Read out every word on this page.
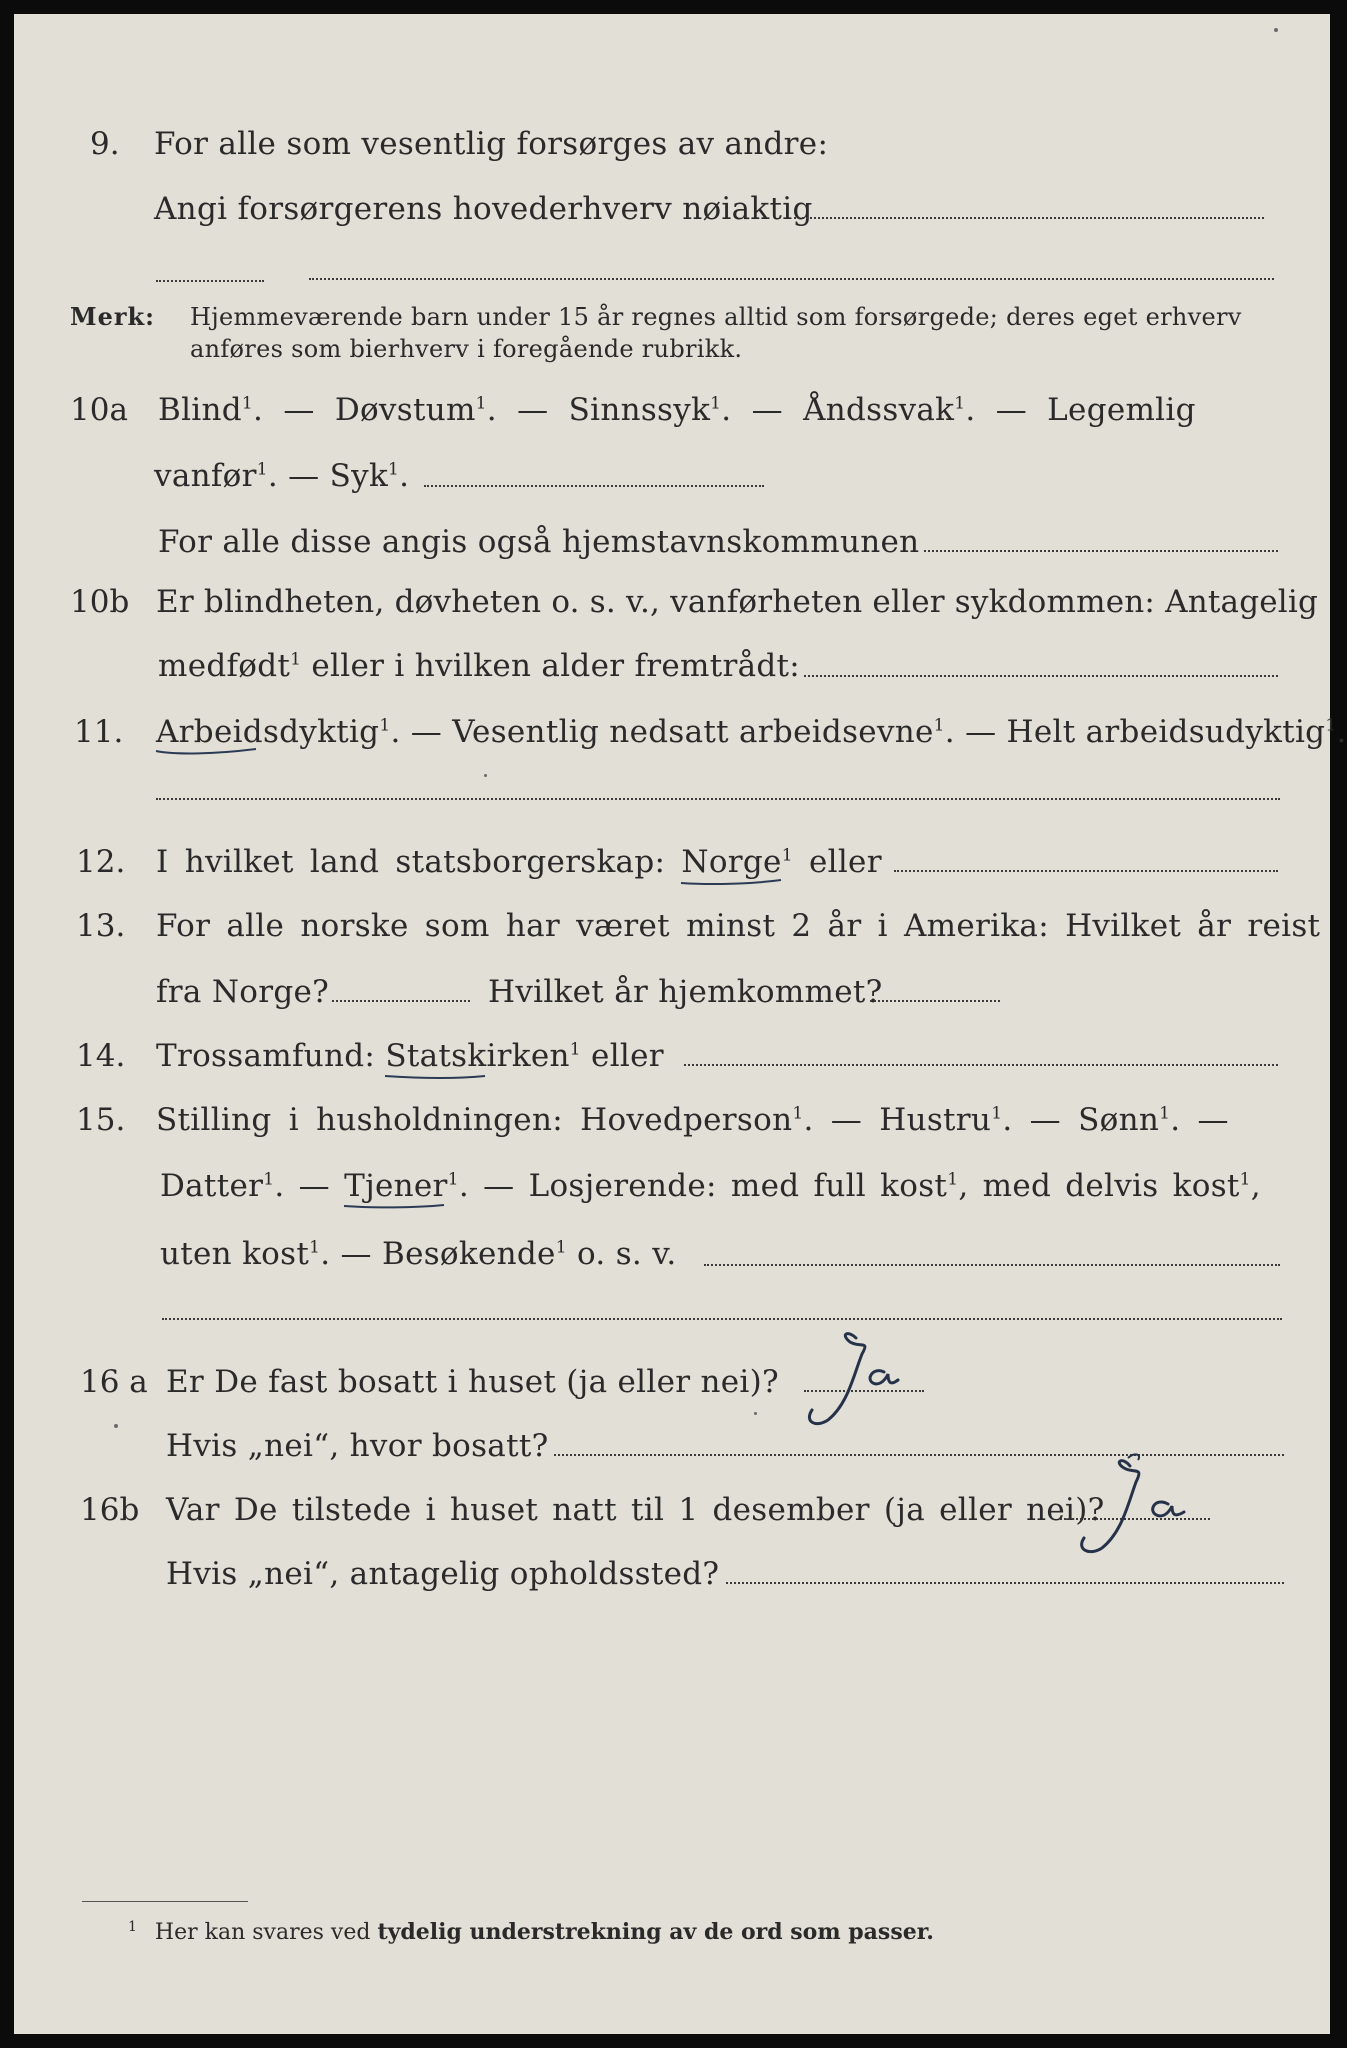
9. For alle som vesentlig forsørges av andre:
Angi forsørgerens hovederhverv nøiaktig
Merk: Hjemmeværende barn under 15 år regnes alltid som forsørgede; deres eget erhverv
anføres som bierhverv i foregående rubrikk.
10a Blind$^1$. — Døvstum$^1$. — Sinnssyk$^1$. — Åndssvak$^1$. — Legemlig
vanfør$^1$. — Syk$^1$.
For alle disse angis også hjemstavnskommunen
10b Er blindheten, døvheten o. s. v., vanførheten eller sykdommen: Antagelig
medfødt$^1$ eller i hvilken alder fremtrådt:
11. Arbeidsdyktig
$^1$. — Vesentlig nedsatt arbeidsevne$^1$. — Helt arbeidsudyktig$^1$.
12. I hvilket land statsborgerskap: Norge
$^1$ eller
13. For alle norske som har været minst 2 år i Amerika: Hvilket år reist
fra Norge?	Hvilket år hjemkommet?
14. Trossamfund: Statskirken
$^1$ eller
15. Stilling i husholdningen: Hovedperson$^1$. — Hustru$^1$. — Sønn$^1$. —
Datter$^1$. — Tjener
$^1$. — Losjerende: med full kost$^1$, med delvis kost$^1$,
uten kost$^1$. — Besøkende$^1$ o. s. v.
16 a Er De fast bosatt i huset (ja eller nei)?
Hvis „nei“, hvor bosatt?
16b Var De tilstede i huset natt til 1 desember (ja eller nei)?
Hvis „nei“, antagelig opholdssted?
$^1$ Her kan svares ved tydelig understrekning av de ord som passer.
